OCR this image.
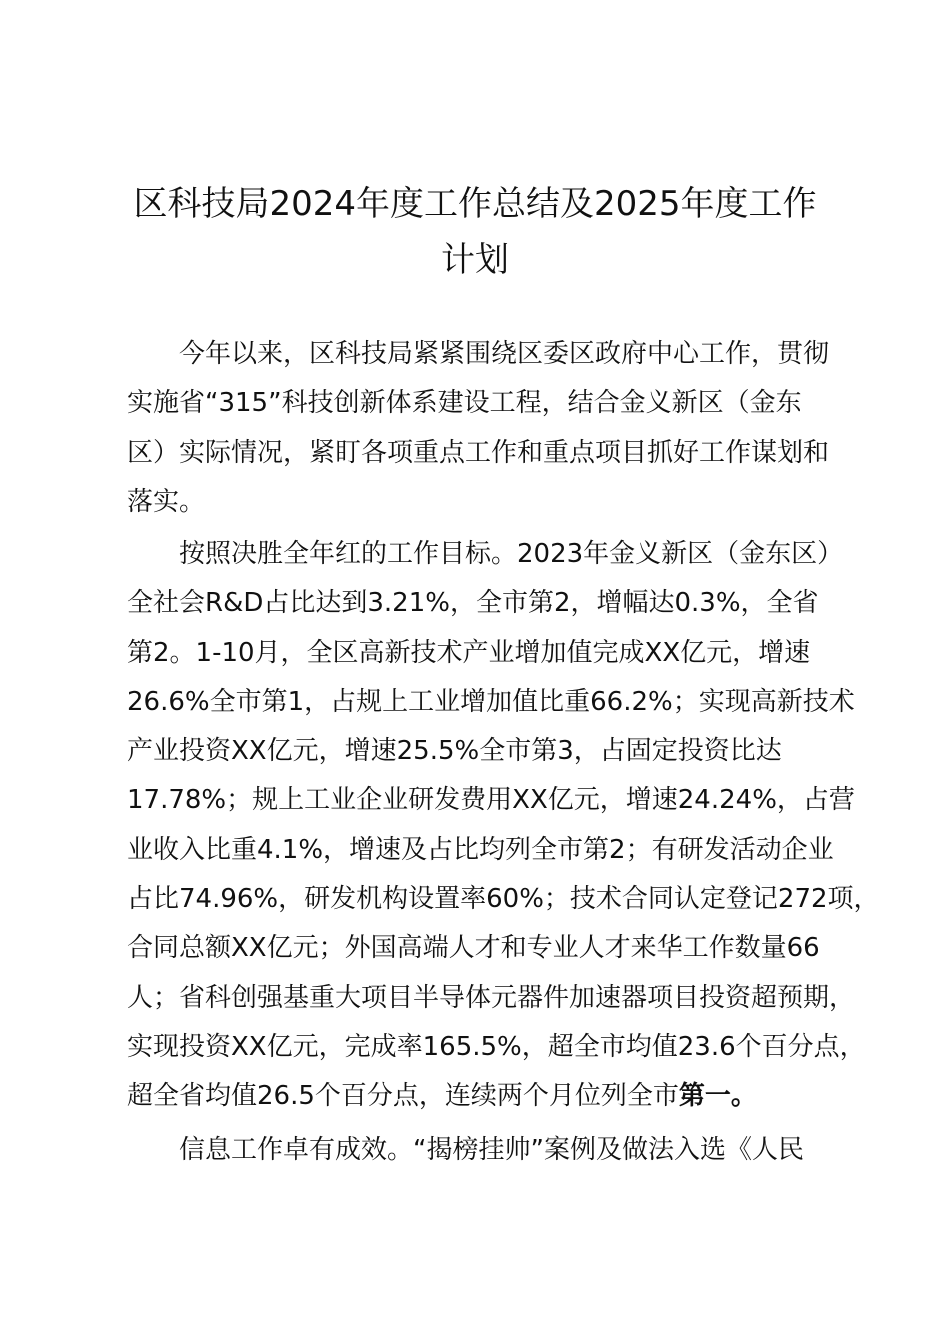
区科技局2024年度工作总结及2025年度工作
计划

今年以来，区科技局紧紧围绕区委区政府中心工作，贯彻
实施省“315”科技创新体系建设工程，结合金义新区（金东
区）实际情况，紧盯各项重点工作和重点项目抓好工作谋划和
落实。

按照决胜全年红的工作目标。2023年金义新区（金东区）
全社会R&D占比达到3.21%，全市第2，增幅达0.3%，全省
第2。1-10月，全区高新技术产业增加值完成XX亿元，增速
26.6%全市第1，占规上工业增加值比重66.2%；实现高新技术
产业投资XX亿元，增速25.5%全市第3，占固定投资比达
17.78%；规上工业企业研发费用XX亿元，增速24.24%，占营
业收入比重4.1%，增速及占比均列全市第2；有研发活动企业
占比74.96%，研发机构设置率60%；技术合同认定登记272项，
合同总额XX亿元；外国高端人才和专业人才来华工作数量66
人；省科创强基重大项目半导体元器件加速器项目投资超预期，
实现投资XX亿元，完成率165.5%，超全市均值23.6个百分点，
超全省均值26.5个百分点，连续两个月位列全市第一。

信息工作卓有成效。“揭榜挂帅”案例及做法入选《人民
